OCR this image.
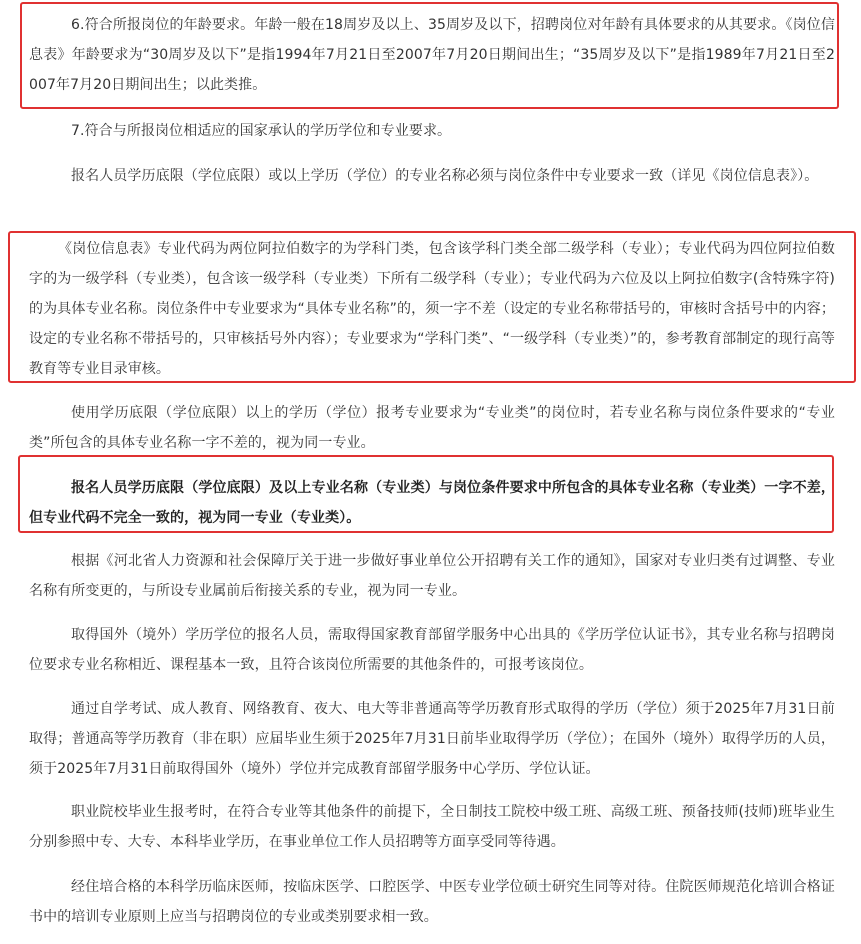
6.符合所报岗位的年龄要求。年龄一般在18周岁及以上、35周岁及以下，招聘岗位对年龄有具体要求的从其要求。《岗位信息表》年龄要求为“30周岁及以下”是指1994年7月21日至2007年7月20日期间出生；“35周岁及以下”是指1989年7月21日至2007年7月20日期间出生；以此类推。

7.符合与所报岗位相适应的国家承认的学历学位和专业要求。

报名人员学历底限（学位底限）或以上学历（学位）的专业名称必须与岗位条件中专业要求一致（详见《岗位信息表》）。

《岗位信息表》专业代码为两位阿拉伯数字的为学科门类，包含该学科门类全部二级学科（专业）；专业代码为四位阿拉伯数字的为一级学科（专业类），包含该一级学科（专业类）下所有二级学科（专业）；专业代码为六位及以上阿拉伯数字(含特殊字符)的为具体专业名称。岗位条件中专业要求为“具体专业名称”的，须一字不差（设定的专业名称带括号的，审核时含括号中的内容；设定的专业名称不带括号的，只审核括号外内容）；专业要求为“学科门类”、“一级学科（专业类）”的，参考教育部制定的现行高等教育等专业目录审核。

使用学历底限（学位底限）以上的学历（学位）报考专业要求为“专业类”的岗位时，若专业名称与岗位条件要求的“专业类”所包含的具体专业名称一字不差的，视为同一专业。

报名人员学历底限（学位底限）及以上专业名称（专业类）与岗位条件要求中所包含的具体专业名称（专业类）一字不差，但专业代码不完全一致的，视为同一专业（专业类）。

根据《河北省人力资源和社会保障厅关于进一步做好事业单位公开招聘有关工作的通知》，国家对专业归类有过调整、专业名称有所变更的，与所设专业属前后衔接关系的专业，视为同一专业。

取得国外（境外）学历学位的报名人员，需取得国家教育部留学服务中心出具的《学历学位认证书》，其专业名称与招聘岗位要求专业名称相近、课程基本一致，且符合该岗位所需要的其他条件的，可报考该岗位。

通过自学考试、成人教育、网络教育、夜大、电大等非普通高等学历教育形式取得的学历（学位）须于2025年7月31日前取得；普通高等学历教育（非在职）应届毕业生须于2025年7月31日前毕业取得学历（学位）；在国外（境外）取得学历的人员，须于2025年7月31日前取得国外（境外）学位并完成教育部留学服务中心学历、学位认证。

职业院校毕业生报考时，在符合专业等其他条件的前提下，全日制技工院校中级工班、高级工班、预备技师(技师)班毕业生分别参照中专、大专、本科毕业学历，在事业单位工作人员招聘等方面享受同等待遇。

经住培合格的本科学历临床医师，按临床医学、口腔医学、中医专业学位硕士研究生同等对待。住院医师规范化培训合格证书中的培训专业原则上应当与招聘岗位的专业或类别要求相一致。
